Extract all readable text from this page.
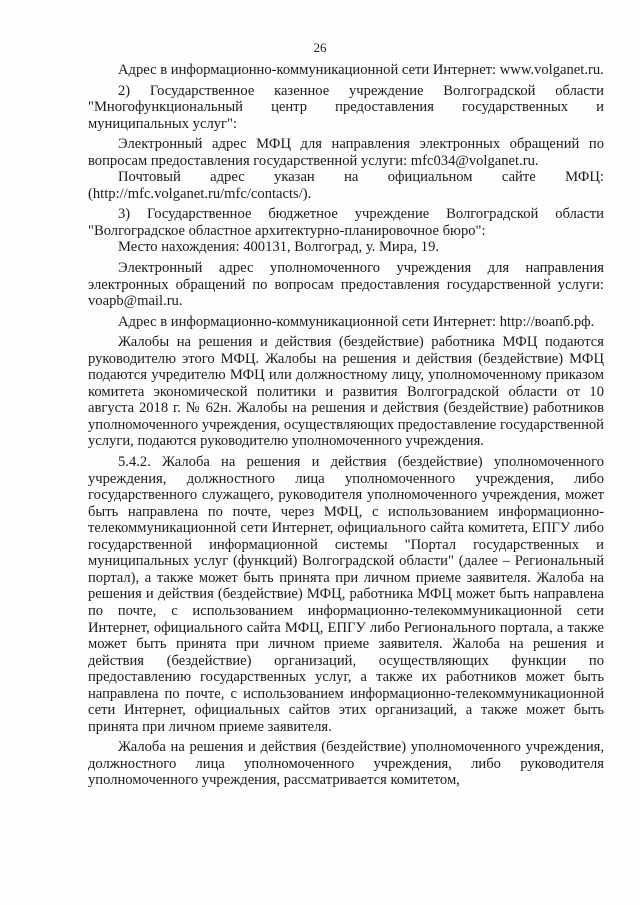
26

Адрес в информационно-коммуникационной сети Интернет: www.volganet.ru.

2) Государственное казенное учреждение Волгоградской области "Многофункциональный центр предоставления государственных и муниципальных услуг":

Электронный адрес МФЦ для направления электронных обращений по вопросам предоставления государственной услуги: mfc034@volganet.ru.

Почтовый адрес указан на официальном сайте МФЦ: (http://mfc.volganet.ru/mfc/contacts/).

3) Государственное бюджетное учреждение Волгоградской области "Волгоградское областное архитектурно-планировочное бюро":

Место нахождения: 400131, Волгоград, у. Мира, 19.

Электронный адрес уполномоченного учреждения для направления электронных обращений по вопросам предоставления государственной услуги: voapb@mail.ru.

Адрес в информационно-коммуникационной сети Интернет: http://воапб.рф.

Жалобы на решения и действия (бездействие) работника МФЦ подаются руководителю этого МФЦ. Жалобы на решения и действия (бездействие) МФЦ подаются учредителю МФЦ или должностному лицу, уполномоченному приказом комитета экономической политики и развития Волгоградской области от 10 августа 2018 г. № 62н. Жалобы на решения и действия (бездействие) работников уполномоченного учреждения, осуществляющих предоставление государственной услуги, подаются руководителю уполномоченного учреждения.

5.4.2. Жалоба на решения и действия (бездействие) уполномоченного учреждения, должностного лица уполномоченного учреждения, либо государственного служащего, руководителя уполномоченного учреждения, может быть направлена по почте, через МФЦ, с использованием информационно-телекоммуникационной сети Интернет, официального сайта комитета, ЕПГУ либо государственной информационной системы "Портал государственных и муниципальных услуг (функций) Волгоградской области" (далее – Региональный портал), а также может быть принята при личном приеме заявителя. Жалоба на решения и действия (бездействие) МФЦ, работника МФЦ может быть направлена по почте, с использованием информационно-телекоммуникационной сети Интернет, официального сайта МФЦ, ЕПГУ либо Регионального портала, а также может быть принята при личном приеме заявителя. Жалоба на решения и действия (бездействие) организаций, осуществляющих функции по предоставлению государственных услуг, а также их работников может быть направлена по почте, с использованием информационно-телекоммуникационной сети Интернет, официальных сайтов этих организаций, а также может быть принята при личном приеме заявителя.

Жалоба на решения и действия (бездействие) уполномоченного учреждения, должностного лица уполномоченного учреждения, либо руководителя уполномоченного учреждения, рассматривается комитетом,
